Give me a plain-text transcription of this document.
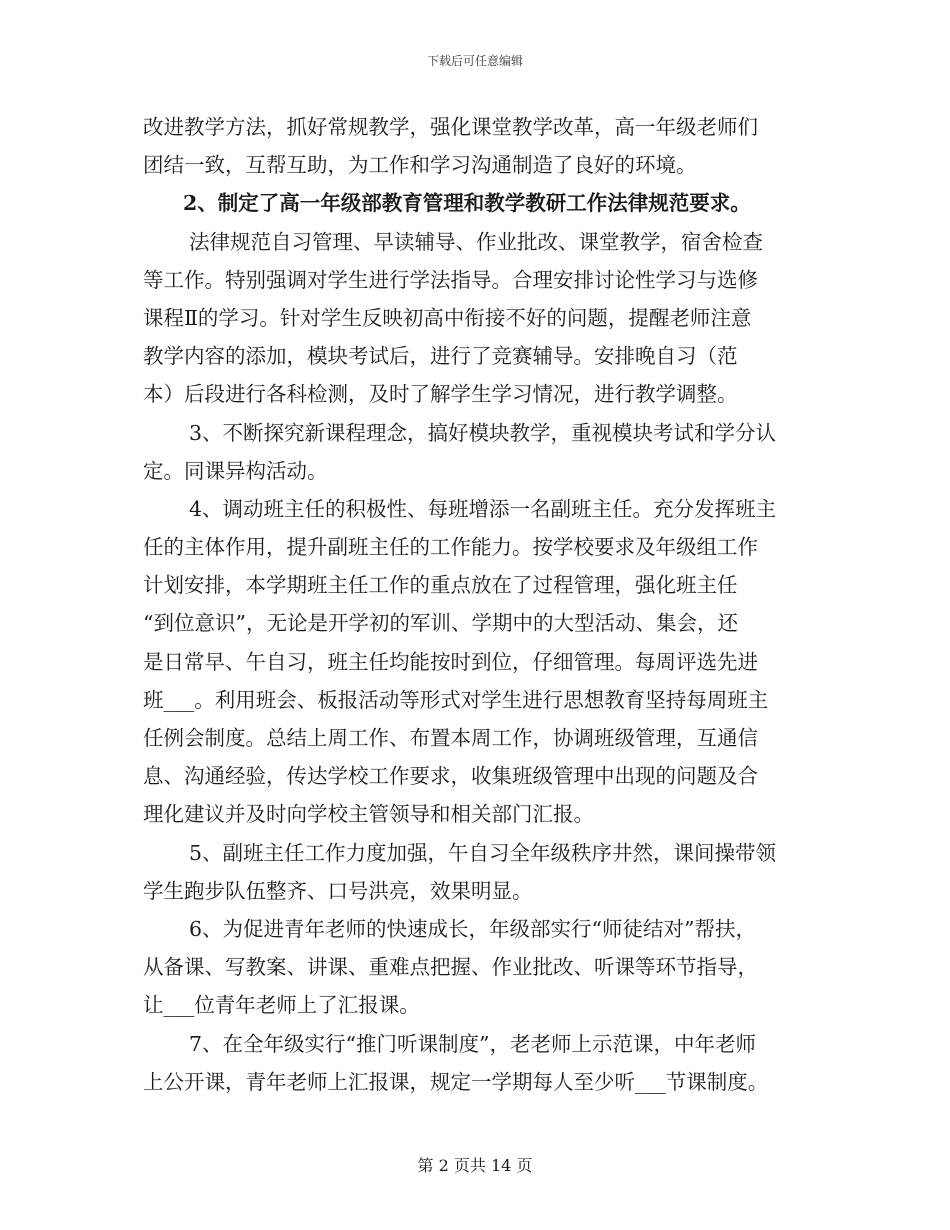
下载后可任意编辑
改进教学方法，抓好常规教学，强化课堂教学改革，高一年级老师们
团结一致，互帮互助，为工作和学习沟通制造了良好的环境。
2、制定了高一年级部教育管理和教学教研工作法律规范要求。
法律规范自习管理、早读辅导、作业批改、课堂教学，宿舍检查
等工作。特别强调对学生进行学法指导。合理安排讨论性学习与选修
课程Ⅱ的学习。针对学生反映初高中衔接不好的问题，提醒老师注意
教学内容的添加，模块考试后，进行了竞赛辅导。安排晚自习（范
本）后段进行各科检测，及时了解学生学习情况，进行教学调整。
3、不断探究新课程理念，搞好模块教学，重视模块考试和学分认
定。同课异构活动。
4、调动班主任的积极性、每班增添一名副班主任。充分发挥班主
任的主体作用，提升副班主任的工作能力。按学校要求及年级组工作
计划安排，本学期班主任工作的重点放在了过程管理，强化班主任
“到位意识”，无论是开学初的军训、学期中的大型活动、集会，还
是日常早、午自习，班主任均能按时到位，仔细管理。每周评选先进
班___。利用班会、板报活动等形式对学生进行思想教育坚持每周班主
任例会制度。总结上周工作、布置本周工作，协调班级管理，互通信
息、沟通经验，传达学校工作要求，收集班级管理中出现的问题及合
理化建议并及时向学校主管领导和相关部门汇报。
5、副班主任工作力度加强，午自习全年级秩序井然，课间操带领
学生跑步队伍整齐、口号洪亮，效果明显。
6、为促进青年老师的快速成长，年级部实行“师徒结对”帮扶，
从备课、写教案、讲课、重难点把握、作业批改、听课等环节指导，
让___位青年老师上了汇报课。
7、在全年级实行“推门听课制度”，老老师上示范课，中年老师
上公开课，青年老师上汇报课，规定一学期每人至少听___节课制度。
第 2 页共 14 页
